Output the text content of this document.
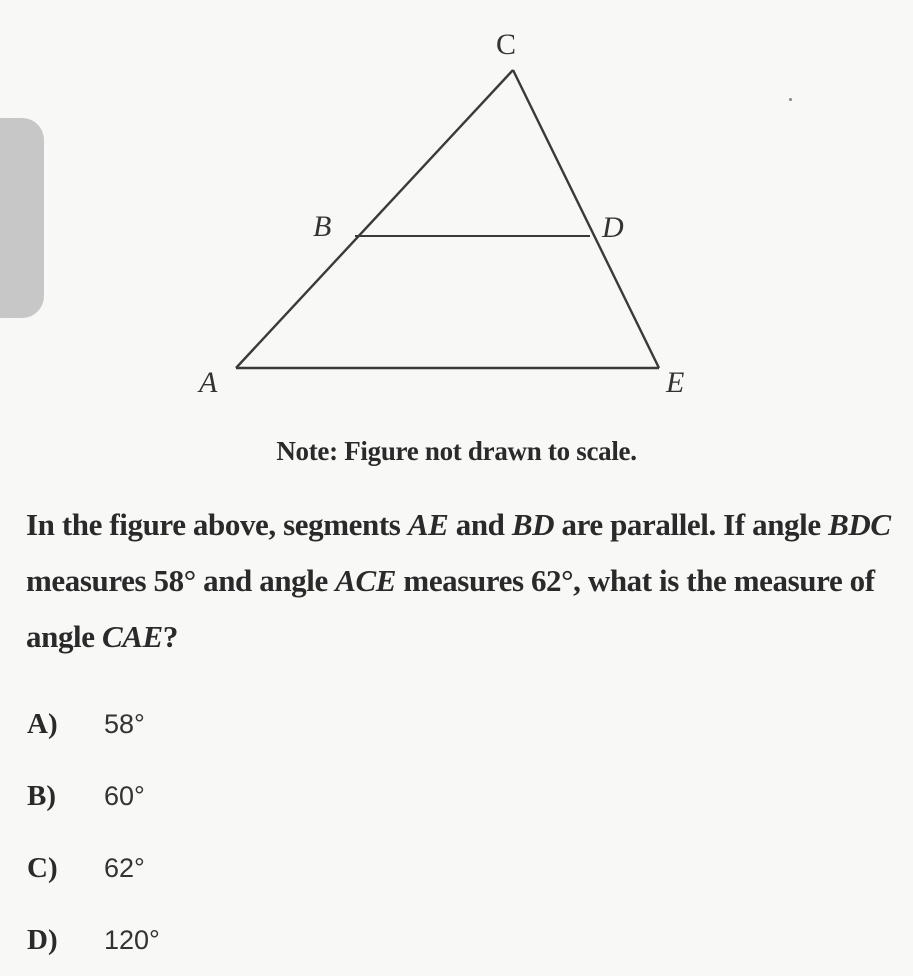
C
B	D
A	E
Note: Figure not drawn to scale.
In the figure above, segments AE and BD are parallel. If angle BDC measures 58° and angle ACE measures 62°, what is the measure of angle CAE?
A)	58°
B)	60°
C)	62°
D)	120°
